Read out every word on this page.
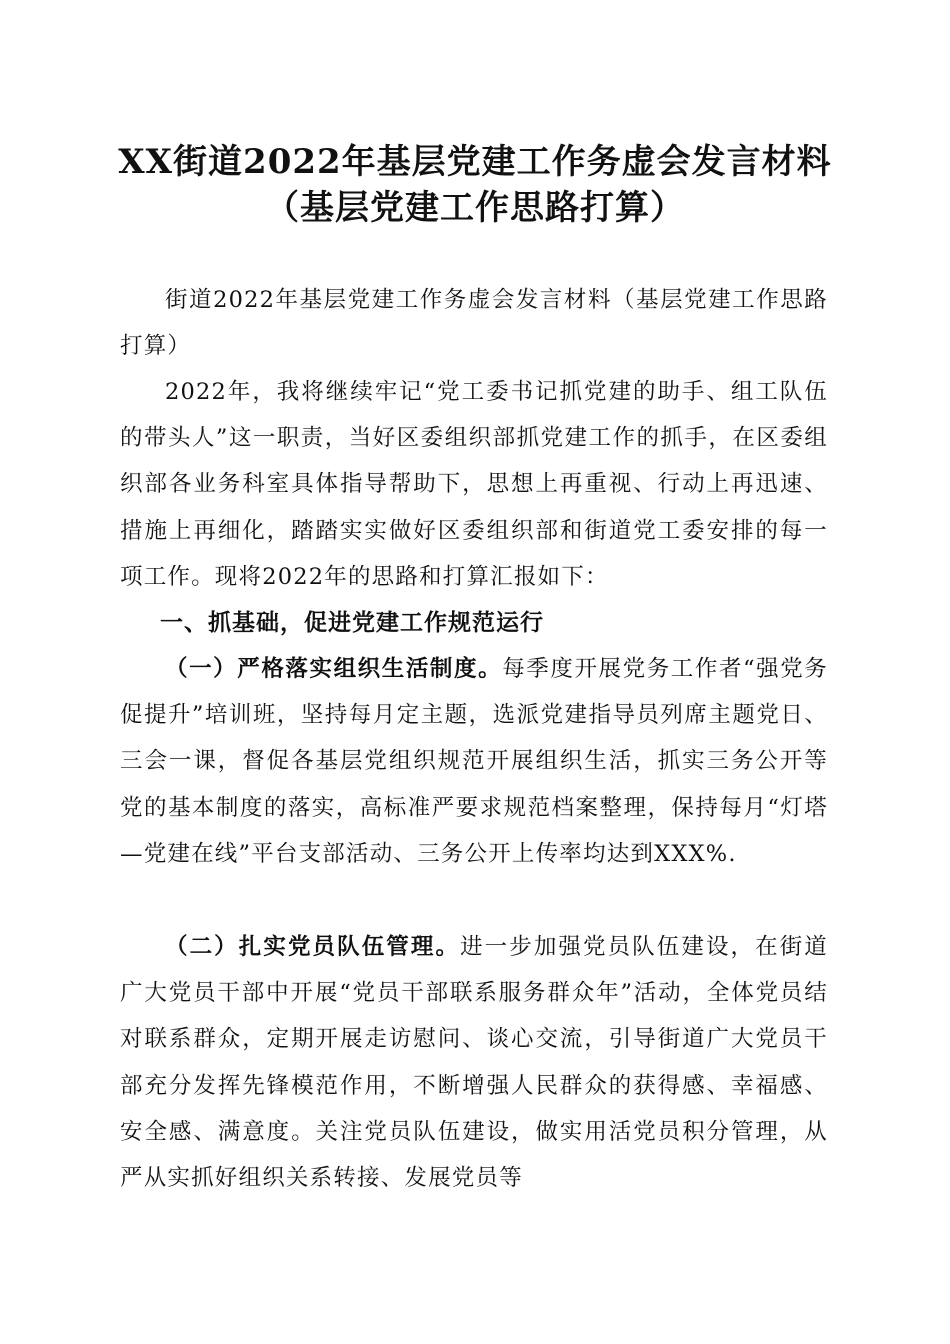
XX街道2022年基层党建工作务虚会发言材料
（基层党建工作思路打算）

街道2022年基层党建工作务虚会发言材料（基层党建工作思路打算）

2022年，我将继续牢记“党工委书记抓党建的助手、组工队伍的带头人”这一职责，当好区委组织部抓党建工作的抓手，在区委组织部各业务科室具体指导帮助下，思想上再重视、行动上再迅速、措施上再细化，踏踏实实做好区委组织部和街道党工委安排的每一项工作。现将2022年的思路和打算汇报如下：

一、抓基础，促进党建工作规范运行

（一）严格落实组织生活制度。每季度开展党务工作者“强党务促提升”培训班，坚持每月定主题，选派党建指导员列席主题党日、三会一课，督促各基层党组织规范开展组织生活，抓实三务公开等党的基本制度的落实，高标准严要求规范档案整理，保持每月“灯塔—党建在线”平台支部活动、三务公开上传率均达到XXX%.

（二）扎实党员队伍管理。进一步加强党员队伍建设，在街道广大党员干部中开展“党员干部联系服务群众年”活动，全体党员结对联系群众，定期开展走访慰问、谈心交流，引导街道广大党员干部充分发挥先锋模范作用，不断增强人民群众的获得感、幸福感、安全感、满意度。关注党员队伍建设，做实用活党员积分管理，从严从实抓好组织关系转接、发展党员等
